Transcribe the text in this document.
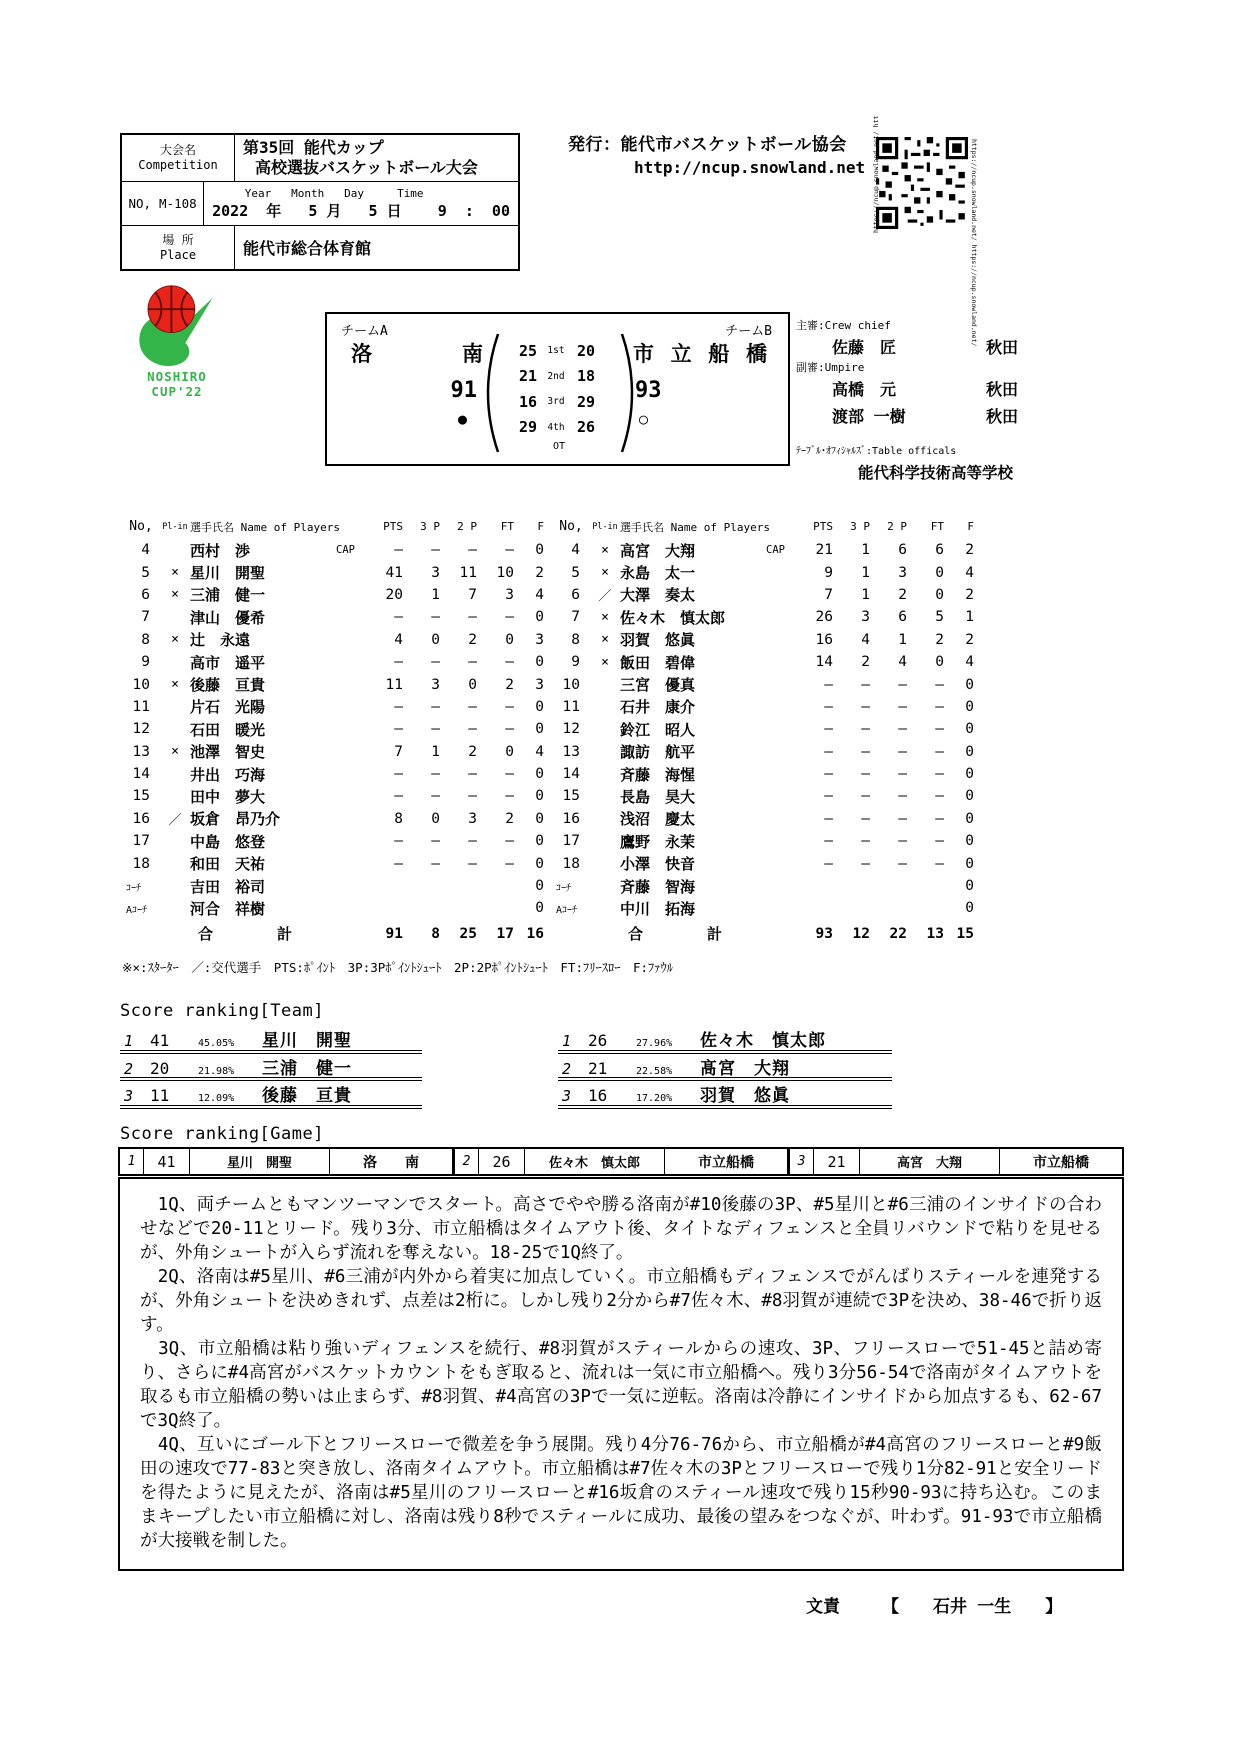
大会名
Competition
第35回 能代カップ
高校選抜バスケットボール大会
NO, M-108
Year   Month   Day     Time
2022  年   5 月   5 日    9  :  00
場 所
Place	能代市総合体育館
発行：能代市バスケットボール協会
http://ncup.snowland.net	https://ncup.snowland.net/ https://ncup.snowland.net/
https://ncup.snowland.net/ htt
NOSHIRO
CUP'22
チームA	チームB
洛　南
91
●
25	1st 20
21	2nd 18
16	3rd 29
29	4th 26
OT
市立船橋
93
○
主審:Crew chief
佐藤　匠	秋田
副審:Umpire
高橋　元	秋田
渡部 一樹	秋田
ﾃｰﾌﾞﾙ･ｵﾌｨｼｬﾙｽﾞ:Table officals
能代科学技術高等学校
No,	Pl-in 選手氏名 Name of Players	PTS	3 P	2 P	FT	F
4	西村　渉	CAP	–	–	–	–	0
5	× 星川　開聖	41	3	11	10	2
6	× 三浦　健一	20	1	7	3	4
7	津山　優希	–	–	–	–	0
8	× 辻　永遠	4	0	2	0	3
9	高市　遥平	–	–	–	–	0
10	× 後藤　亘貴	11	3	0	2	3
11	片石　光陽	–	–	–	–	0
12	石田　暖光	–	–	–	–	0
13	× 池澤　智史	7	1	2	0	4
14	井出　巧海	–	–	–	–	0
15	田中　夢大	–	–	–	–	0
16	／ 坂倉　昂乃介	8	0	3	2	0
17	中島　悠登	–	–	–	–	0
18	和田　天祐	–	–	–	–	0
ｺｰﾁ	吉田　裕司	0
Aｺｰﾁ	河合　祥樹	0
合	計	91	8	25	17 16
No,	Pl-in 選手氏名 Name of Players	PTS	3 P	2 P	FT	F
4	× 高宮　大翔	CAP	21	1	6	6	2
5	× 永島　太一	9	1	3	0	4
6	／ 大澤　奏太	7	1	2	0	2
7	× 佐々木　慎太郎	26	3	6	5	1
8	× 羽賀　悠眞	16	4	1	2	2
9	× 飯田　碧偉	14	2	4	0	4
10	三宮　優真	–	–	–	–	0
11	石井　康介	–	–	–	–	0
12	鈴江　昭人	–	–	–	–	0
13	諏訪　航平	–	–	–	–	0
14	斉藤　海惺	–	–	–	–	0
15	長島　昊大	–	–	–	–	0
16	浅沼　慶太	–	–	–	–	0
17	鷹野　永茉	–	–	–	–	0
18	小澤　快音	–	–	–	–	0
ｺｰﾁ	斉藤　智海	0
Aｺｰﾁ	中川　拓海	0
合	計	93	12	22	13 15
※×:ｽﾀｰﾀｰ　／:交代選手　PTS:ﾎﾟｲﾝﾄ　3P:3Pﾎﾟｲﾝﾄｼｭｰﾄ　2P:2Pﾎﾟｲﾝﾄｼｭｰﾄ　FT:ﾌﾘｰｽﾛｰ　F:ﾌｧｳﾙ
Score ranking[Team]
1	41	45.05%	星川　開聖
2	20	21.98%	三浦　健一
3	11	12.09%	後藤　亘貴
1	26	27.96%	佐々木　慎太郎
2	21	22.58%	髙宮　大翔
3	16	17.20%	羽賀　悠眞
Score ranking[Game]
1	41	星川　開聖	洛　　南	2	26	佐々木　慎太郎	市立船橋	3	21	高宮　大翔	市立船橋

　1Q、両チームともマンツーマンでスタート。高さでやや勝る洛南が#10後藤の3P、#5星川と#6三浦のインサイドの合わせなどで20-11とリード。残り3分、市立船橋はタイムアウト後、タイトなディフェンスと全員リバウンドで粘りを見せるが、外角シュートが入らず流れを奪えない。18-25で1Q終了。

　2Q、洛南は#5星川、#6三浦が内外から着実に加点していく。市立船橋もディフェンスでがんばりスティールを連発するが、外角シュートを決めきれず、点差は2桁に。しかし残り2分から#7佐々木、#8羽賀が連続で3Pを決め、38-46で折り返す。

　3Q、市立船橋は粘り強いディフェンスを続行、#8羽賀がスティールからの速攻、3P、フリースローで51-45と詰め寄り、さらに#4高宮がバスケットカウントをもぎ取ると、流れは一気に市立船橋へ。残り3分56-54で洛南がタイムアウトを取るも市立船橋の勢いは止まらず、#8羽賀、#4高宮の3Pで一気に逆転。洛南は冷静にインサイドから加点するも、62-67で3Q終了。

　4Q、互いにゴール下とフリースローで微差を争う展開。残り4分76-76から、市立船橋が#4高宮のフリースローと#9飯田の速攻で77-83と突き放し、洛南タイムアウト。市立船橋は#7佐々木の3Pとフリースローで残り1分82-91と安全リードを得たように見えたが、洛南は#5星川のフリースローと#16坂倉のスティール速攻で残り15秒90-93に持ち込む。このままキープしたい市立船橋に対し、洛南は残り8秒でスティールに成功、最後の望みをつなぐが、叶わず。91-93で市立船橋が大接戦を制した。

文責 【 石井 一生 】
